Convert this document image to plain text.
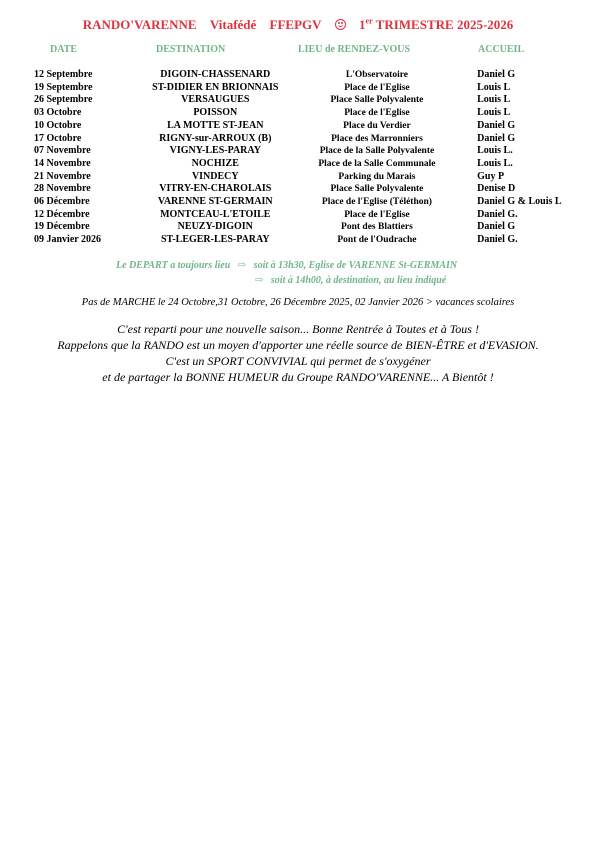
RANDO'VARENNE Vitafédé FFEPGV	1er TRIMESTRE 2025-2026
DATE	DESTINATION	LIEU de RENDEZ-VOUS	ACCUEIL
12 Septembre	DIGOIN-CHASSENARD	L'Observatoire	Daniel G
19 Septembre	ST-DIDIER EN BRIONNAIS	Place de l'Eglise	Louis L
26 Septembre	VERSAUGUES	Place Salle Polyvalente	Louis L
03 Octobre	POISSON	Place de l'Eglise	Louis L
10 Octobre	LA MOTTE ST-JEAN	Place du Verdier	Daniel G
17 Octobre	RIGNY-sur-ARROUX (B)	Place des Marronniers	Daniel G
07 Novembre	VIGNY-LES-PARAY	Place de la Salle Polyvalente	Louis L.
14 Novembre	NOCHIZE	Place de la Salle Communale	Louis L.
21 Novembre	VINDECY	Parking du Marais	Guy P
28 Novembre	VITRY-EN-CHAROLAIS	Place Salle Polyvalente	Denise D
06 Décembre	VARENNE ST-GERMAIN	Place de l'Eglise (Téléthon)	Daniel G & Louis L
12 Décembre	MONTCEAU-L'ETOILE	Place de l'Eglise	Daniel G.
19 Décembre	NEUZY-DIGOIN	Pont des Blattiers	Daniel G
09 Janvier 2026	ST-LEGER-LES-PARAY	Pont de l'Oudrache	Daniel G.
Le DEPART a toujours lieu ⇨ soit à 13h30, Eglise de VARENNE St-GERMAIN
⇨ soit à 14h00, à destination, au lieu indiqué
Pas de MARCHE le 24 Octobre,31 Octobre, 26 Décembre 2025, 02 Janvier 2026 > vacances scolaires
C'est reparti pour une nouvelle saison... Bonne Rentrée à Toutes et à Tous !
Rappelons que la RANDO est un moyen d'apporter une réelle source de BIEN-ÊTRE et d'EVASION.
C'est un SPORT CONVIVIAL qui permet de s'oxygéner
et de partager la BONNE HUMEUR du Groupe RANDO'VARENNE... A Bientôt !
